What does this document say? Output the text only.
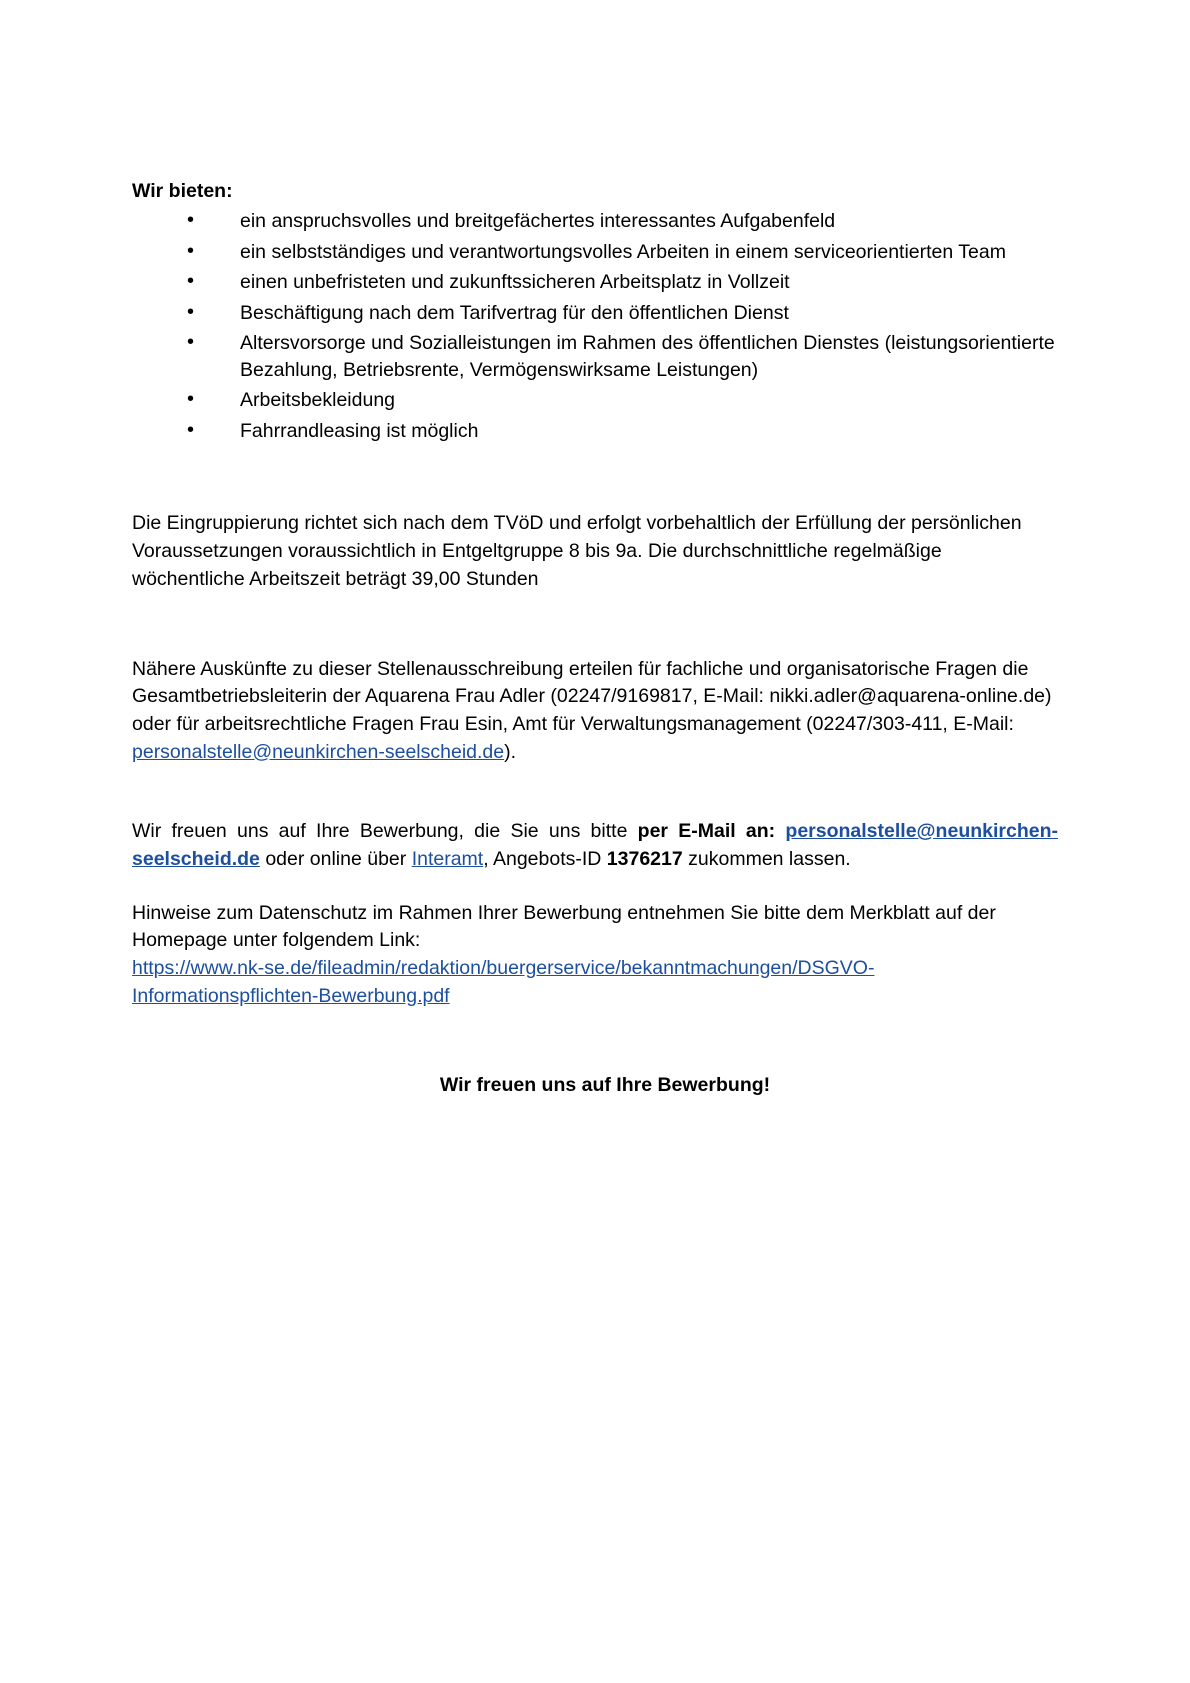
Wir bieten:
• ein anspruchsvolles und breitgefächertes interessantes Aufgabenfeld
• ein selbstständiges und verantwortungsvolles Arbeiten in einem serviceorientierten Team
• einen unbefristeten und zukunftssicheren Arbeitsplatz in Vollzeit
• Beschäftigung nach dem Tarifvertrag für den öffentlichen Dienst
• Altersvorsorge und Sozialleistungen im Rahmen des öffentlichen Dienstes (leistungsorientierte Bezahlung, Betriebsrente, Vermögenswirksame Leistungen)
• Arbeitsbekleidung
• Fahrrandleasing ist möglich

Die Eingruppierung richtet sich nach dem TVöD und erfolgt vorbehaltlich der Erfüllung der persönlichen Voraussetzungen voraussichtlich in Entgeltgruppe 8 bis 9a. Die durchschnittliche regelmäßige wöchentliche Arbeitszeit beträgt 39,00 Stunden

Nähere Auskünfte zu dieser Stellenausschreibung erteilen für fachliche und organisatorische Fragen die Gesamtbetriebsleiterin der Aquarena Frau Adler (02247/9169817, E-Mail: nikki.adler@aquarena-online.de) oder für arbeitsrechtliche Fragen Frau Esin, Amt für Verwaltungsmanagement (02247/303-411, E-Mail: personalstelle@neunkirchen-seelscheid.de).

Wir freuen uns auf Ihre Bewerbung, die Sie uns bitte per E-Mail an: personalstelle@neunkirchen-seelscheid.de oder online über Interamt, Angebots-ID 1376217 zukommen lassen.

Hinweise zum Datenschutz im Rahmen Ihrer Bewerbung entnehmen Sie bitte dem Merkblatt auf der Homepage unter folgendem Link:

https://www.nk-se.de/fileadmin/redaktion/buergerservice/bekanntmachungen/DSGVO-
Informationspflichten-Bewerbung.pdf

Wir freuen uns auf Ihre Bewerbung!
